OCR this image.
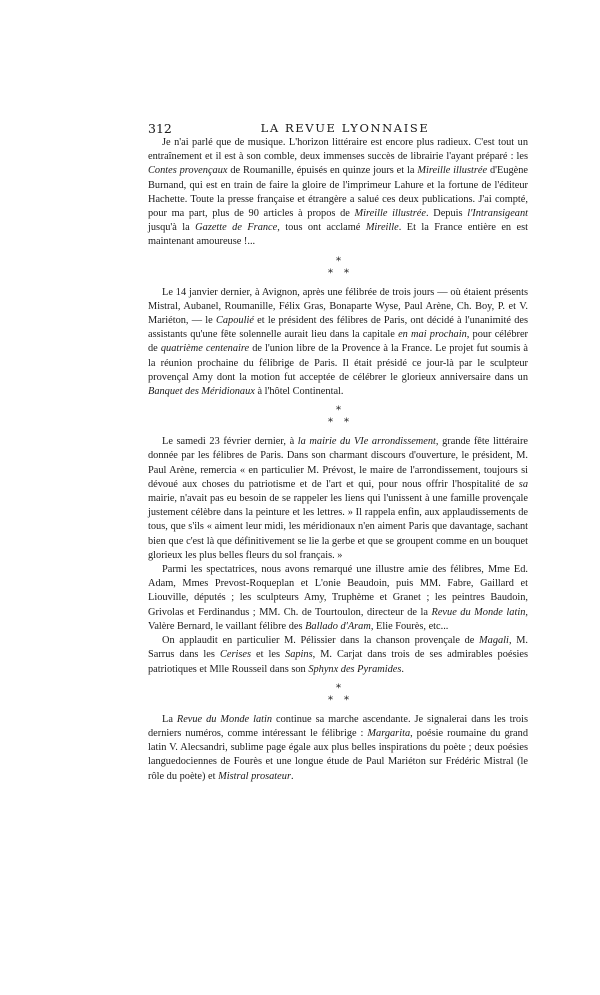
312	LA REVUE LYONNAISE

Je n'ai parlé que de musique. L'horizon littéraire est encore plus radieux. C'est tout un entraînement et il est à son comble, deux immenses succès de librairie l'ayant préparé : les Contes provençaux de Roumanille, épuisés en quinze jours et la Mireille illustrée d'Eugène Burnand, qui est en train de faire la gloire de l'imprimeur Lahure et la fortune de l'éditeur Hachette. Toute la presse française et étrangère a salué ces deux publications. J'ai compté, pour ma part, plus de 90 articles à propos de Mireille illustrée. Depuis l'Intransigeant jusqu'à la Gazette de France, tous ont acclamé Mireille. Et la France entière en est maintenant amoureuse !...

*
* *

Le 14 janvier dernier, à Avignon, après une félibrée de trois jours — où étaient présents Mistral, Aubanel, Roumanille, Félix Gras, Bonaparte Wyse, Paul Arène, Ch. Boy, P. et V. Mariéton, — le Capoulié et le président des félibres de Paris, ont décidé à l'unanimité des assistants qu'une fête solennelle aurait lieu dans la capitale en mai prochain, pour célébrer de quatrième centenaire de l'union libre de la Provence à la France. Le projet fut soumis à la réunion prochaine du félibrige de Paris. Il était présidé ce jour-là par le sculpteur provençal Amy dont la motion fut acceptée de célébrer le glorieux anniversaire dans un Banquet des Méridionaux à l'hôtel Continental.

*
* *

Le samedi 23 février dernier, à la mairie du VIe arrondissement, grande fête littéraire donnée par les félibres de Paris. Dans son charmant discours d'ouverture, le président, M. Paul Arène, remercia « en particulier M. Prévost, le maire de l'arrondissement, toujours si dévoué aux choses du patriotisme et de l'art et qui, pour nous offrir l'hospitalité de sa mairie, n'avait pas eu besoin de se rappeler les liens qui l'unissent à une famille provençale justement célèbre dans la peinture et les lettres. » Il rappela enfin, aux applaudissements de tous, que s'ils « aiment leur midi, les méridionaux n'en aiment Paris que davantage, sachant bien que c'est là que définitivement se lie la gerbe et que se groupent comme en un bouquet glorieux les plus belles fleurs du sol français. »

Parmi les spectatrices, nous avons remarqué une illustre amie des félibres, Mme Ed. Adam, Mmes Prevost-Roqueplan et L'onie Beaudoin, puis MM. Fabre, Gaillard et Liouville, députés ; les sculpteurs Amy, Truphème et Granet ; les peintres Baudoin, Grivolas et Ferdinandus ; MM. Ch. de Tourtoulon, directeur de la Revue du Monde latin, Valère Bernard, le vaillant félibre des Ballado d'Aram, Elie Fourès, etc...

On applaudit en particulier M. Pélissier dans la chanson provençale de Magali, M. Sarrus dans les Cerises et les Sapins, M. Carjat dans trois de ses admirables poésies patriotiques et Mlle Rousseil dans son Sphynx des Pyramides.

*
* *

La Revue du Monde latin continue sa marche ascendante. Je signalerai dans les trois derniers numéros, comme intéressant le félibrige : Margarita, poésie roumaine du grand latin V. Alecsandri, sublime page égale aux plus belles inspirations du poète ; deux poésies languedociennes de Fourès et une longue étude de Paul Mariéton sur Frédéric Mistral (le rôle du poète) et Mistral prosateur.
